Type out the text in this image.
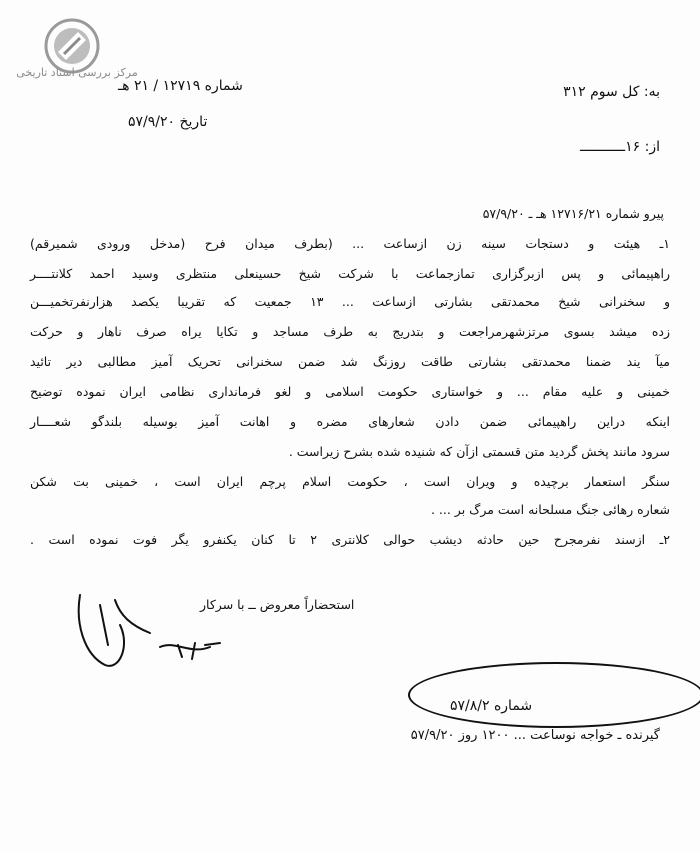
مرکز بررسی اسناد تاریخی
به: کل سوم ۳۱۲
از: ۱۶ـــــــــــ
شماره ۱۲۷۱۹ / ۲۱ هـ
تاریخ ۵۷/۹/۲۰
پیرو شماره ۱۲۷۱۶/۲۱ هـ ـ ۵۷/۹/۲۰
۱ـ هیئت و دستجات سینه زن ازساعت ... (بطرف میدان فرح (مدخل ورودی شمیرقم)
راهپیمائی و پس ازبرگزاری تمازجماعت با شرکت شیخ حسینعلی منتظری وسید احمد کلانتــــر
و سخنرانی شیخ محمدتقی بشارتی ازساعت ... ۱۳ جمعیت که تقریبا یکصد هزارنفرتخمیـــن
زده میشد بسوی مرتزشهرمراجعت و بتدریج به طرف مساجد و تکایا یراه صرف ناهار و حرکت
میآ یند ضمنا محمدتقی بشارتی طاقت روزنگ شد ضمن سخنرانی تحریک آمیز مطالبی دیر تائید
خمینی و علیه مقام ... و خواستاری حکومت اسلامی و لغو فرمانداری نظامی ایران نموده توضیح
اینکه دراین راهپیمائی ضمن دادن شعارهای مضره و اهانت آمیز بوسیله بلندگو شعــــار
سرود مانند پخش گردید متن قسمتی ازآن که شنیده شده بشرح زیراست .
سنگر استعمار برچیده و ویران است ، حکومت اسلام پرچم ایران است ، خمینی بت شکن
شعاره رهائی جنگ مسلحانه است مرگ بر ... .
۲ـ ازسند نفرمجرح حین حادثه دیشب حوالی کلانتری ۲ تا کنان یکنفرو یگر فوت نموده است .
استحضاراً معروض ــ با سرکار
شماره ۵۷/۸/۲
گیرنده ـ خواجه نوساعت ... ۱۲۰۰ روز ۵۷/۹/۲۰
